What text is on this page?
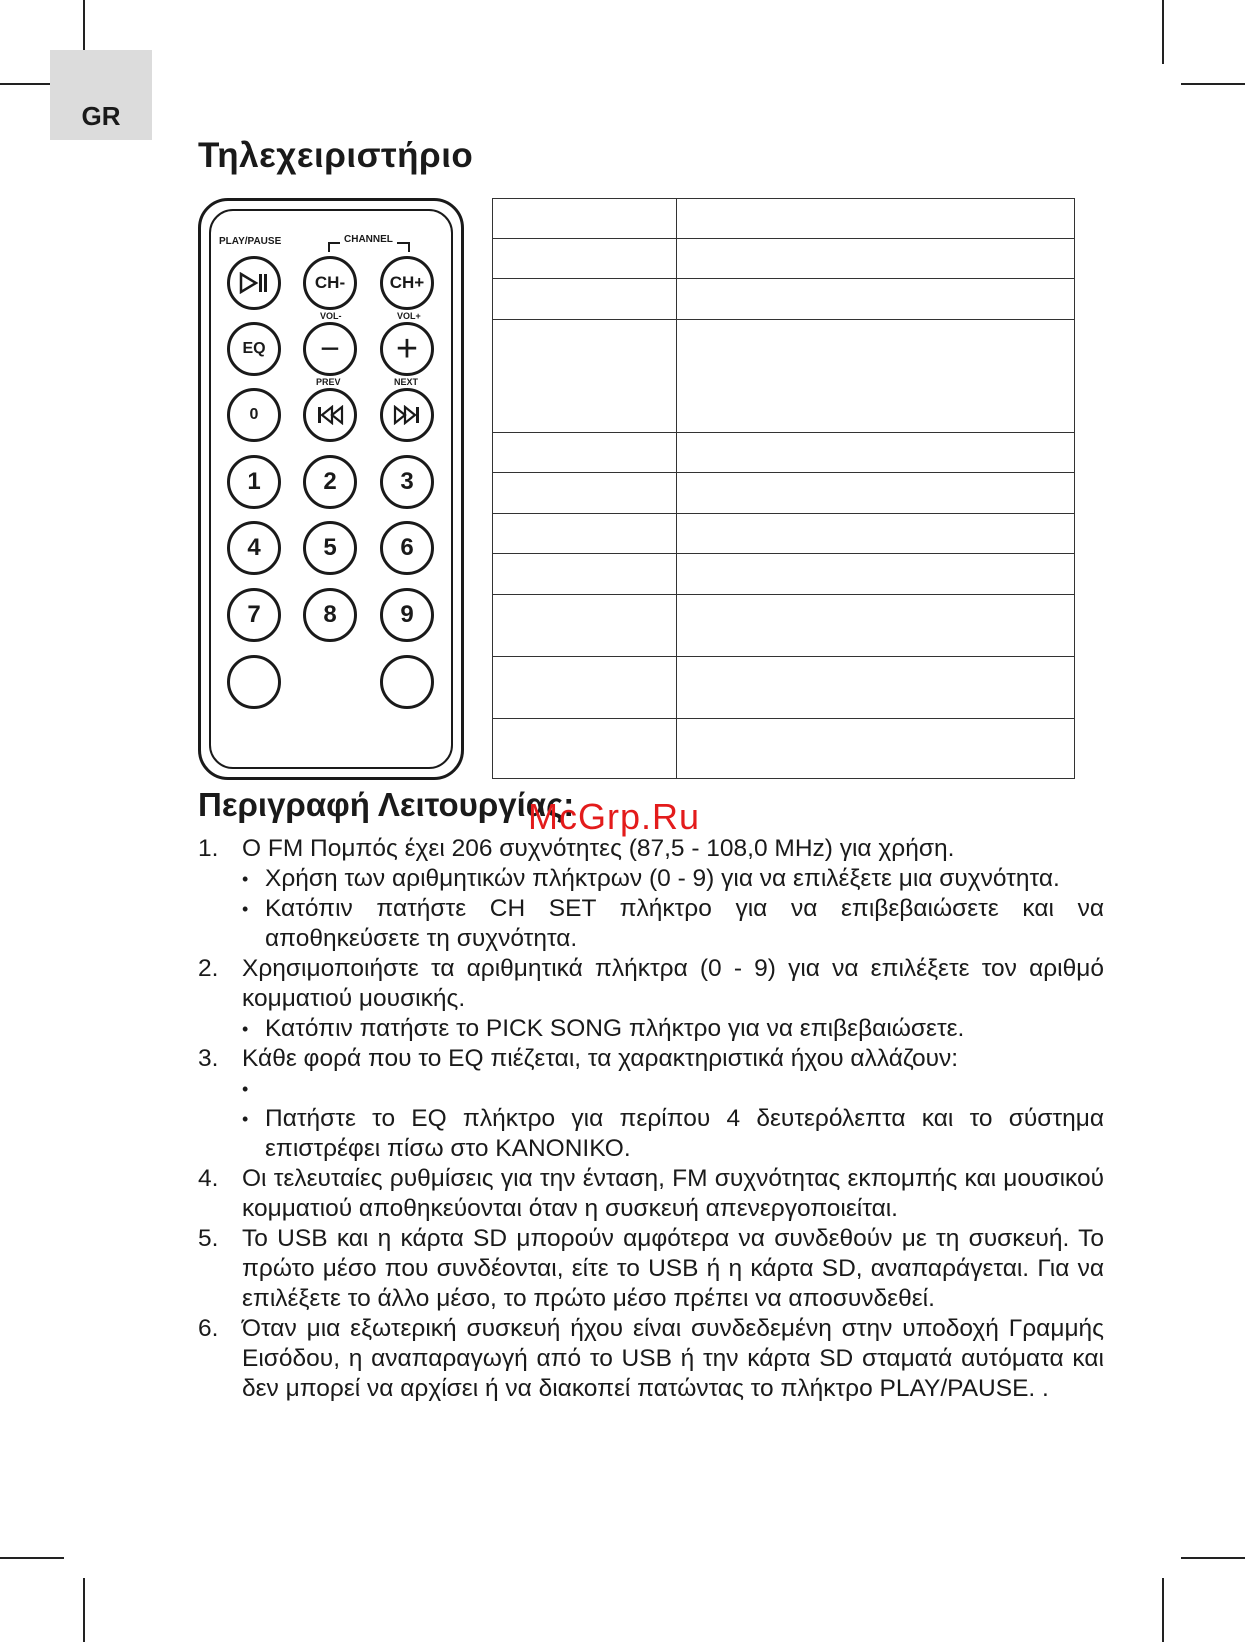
GR
Τηλεχειριστήριο
PLAY/PAUSE	CHANNEL
CH-	CH+
VOL-	VOL+
EQ − +
PREV	NEXT
0
1	2	3
4	5	6
7	8	9

Περιγραφή Λειτουργίας:
McGrp.Ru
1. Ο FM Πομπός έχει 206 συχνότητες (87,5 - 108,0 MHz) για χρήση.
• Χρήση των αριθμητικών πλήκτρων (0 - 9) για να επιλέξετε μια συχνότητα.
• Κατόπιν πατήστε CH SET πλήκτρο για να επιβεβαιώσετε και να αποθηκεύσετε τη συχνότητα.
2. Χρησιμοποιήστε τα αριθμητικά πλήκτρα (0 - 9) για να επιλέξετε τον αριθμό κομματιού μουσικής.
• Κατόπιν πατήστε το PICK SONG πλήκτρο για να επιβεβαιώσετε.
3. Κάθε φορά που το EQ πιέζεται, τα χαρακτηριστικά ήχου αλλάζουν:
•
• Πατήστε το EQ πλήκτρο για περίπου 4 δευτερόλεπτα και το σύστημα επιστρέφει πίσω στο ΚΑΝΟΝΙΚΟ.
4. Οι τελευταίες ρυθμίσεις για την ένταση, FM συχνότητας εκπομπής και μουσικού κομματιού αποθηκεύονται όταν η συσκευή απενεργοποιείται.
5. Το USB και η κάρτα SD μπορούν αμφότερα να συνδεθούν με τη συσκευή. Το πρώτο μέσο που συνδέονται, είτε το USB ή η κάρτα SD, αναπαράγεται. Για να επιλέξετε το άλλο μέσο, το πρώτο μέσο πρέπει να αποσυνδεθεί.
6. Όταν μια εξωτερική συσκευή ήχου είναι συνδεδεμένη στην υποδοχή Γραμμής Εισόδου, η αναπαραγωγή από το USB ή την κάρτα SD σταματά αυτόματα και δεν μπορεί να αρχίσει ή να διακοπεί πατώντας το πλήκτρο PLAY/PAUSE. .
